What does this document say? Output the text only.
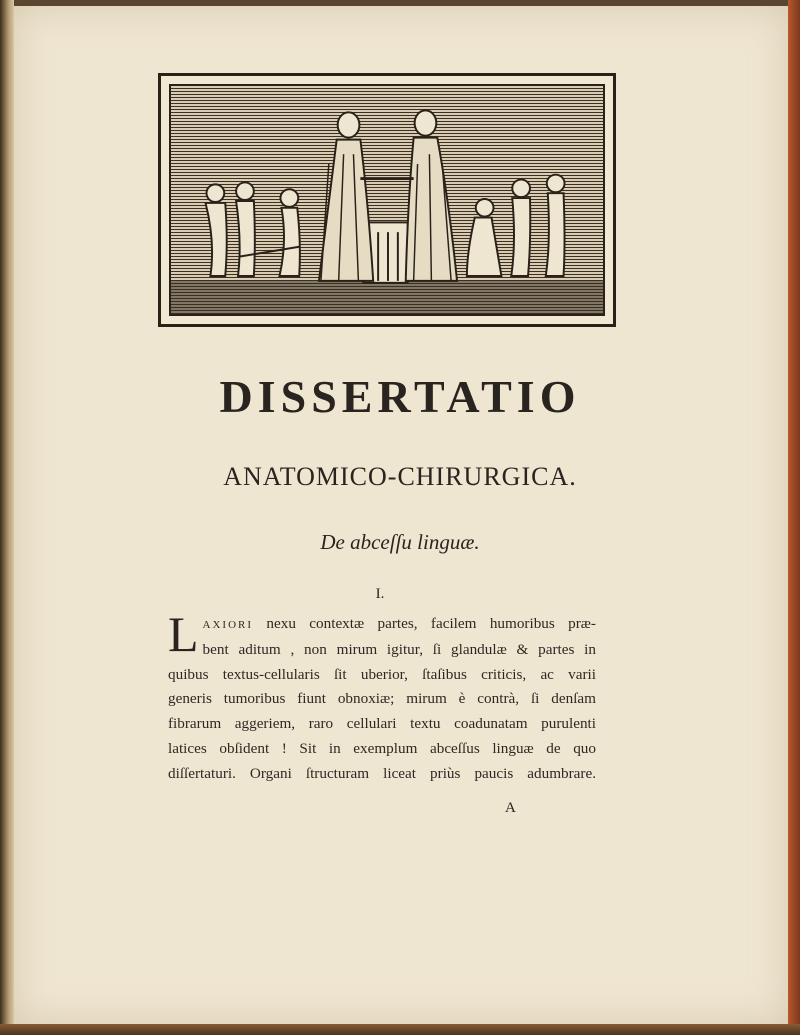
DISSERTATIO
ANATOMICO-CHIRURGICA.
De abceſſu linguæ.
I.
L AXIORI nexu contextæ partes, facilem humoribus præ-
bent aditum , non mirum igitur, ſi glandulæ & partes in
quibus textus-cellularis ſit uberior, ſtaſibus criticis, ac varii
generis tumoribus fiunt obnoxiæ; mirum è contrà, ſi denſam
fibrarum aggeriem, raro cellulari textu coadunatam purulenti
latices obſident ! Sit in exemplum abceſſus linguæ de quo
diſſertaturi. Organi ſtructuram liceat priùs paucis adumbrare.
A
